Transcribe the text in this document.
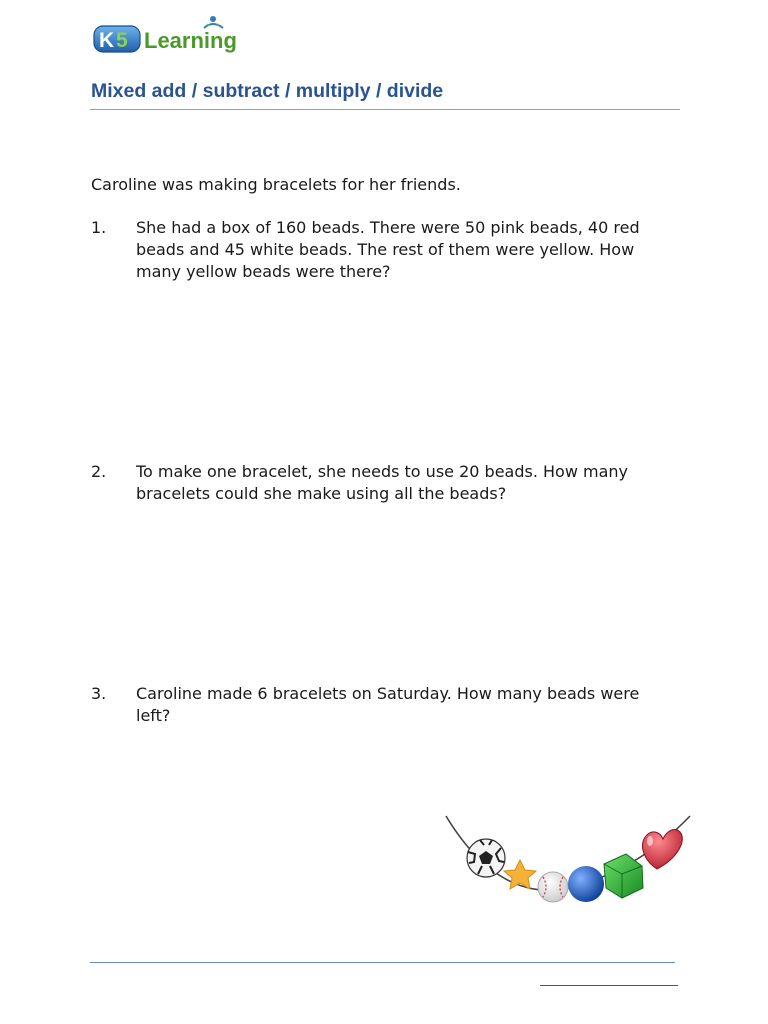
K 5 Learning
Mixed add / subtract / multiply / divide
Caroline was making bracelets for her friends.
1. She had a box of 160 beads. There were 50 pink beads, 40 red beads and 45 white beads. The rest of them were yellow. How many yellow beads were there?
2. To make one bracelet, she needs to use 20 beads. How many bracelets could she make using all the beads?
3. Caroline made 6 bracelets on Saturday. How many beads were left?
